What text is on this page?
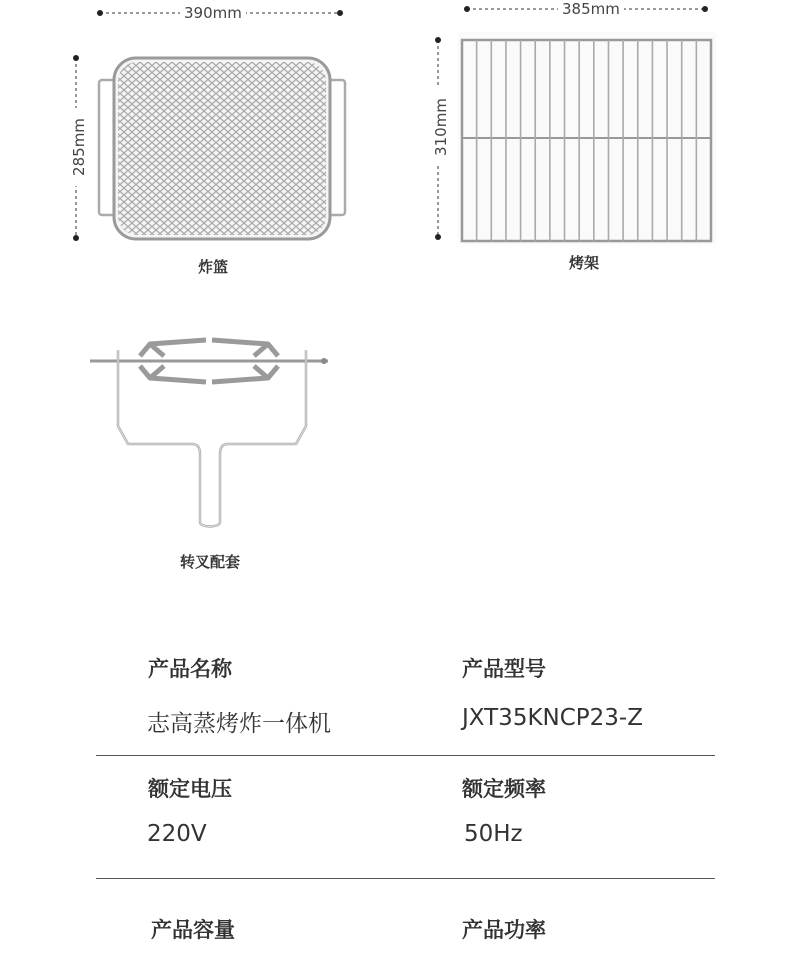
390mm
285mm
385mm
310mm
炸篮	烤架
转叉配套
产品名称	产品型号
志高蒸烤炸一体机	JXT35KNCP23-Z
额定电压	额定频率
220V	50Hz
产品容量	产品功率
